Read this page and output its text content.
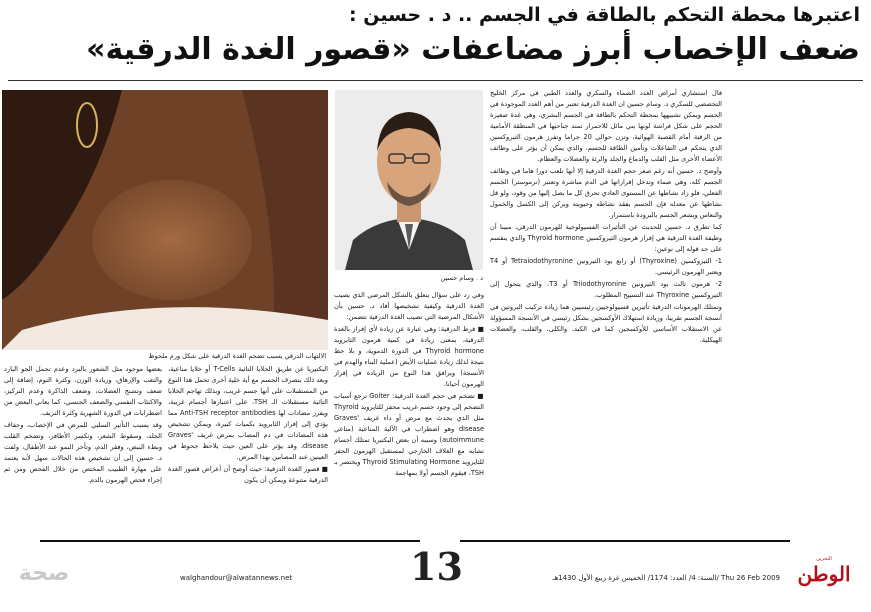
اعتبرها محطة التحكم بالطاقة في الجسم .. د . حسين :
ضعف الإخصاب أبرز مضاعفات «قصور الغدة الدرقية»

قال استشاري أمراض الغدد الصماء والسكري والغدد الطبي في مركز الخليج التخصصي للسكري د. وسام حسين ان الغدة الدرقية تعتبر من أهم الغدد الموجودة في الجسم ويمكن تشبيهها بمحطة التحكم بالطاقة في الجسم البشري، وهي غدة صغيرة الحجم على شكل فراشة لونها بني مائل للاحمرار تمتد جناحيها في المنطقة الأمامية من الرقبة أمام القصبة الهوائية، وتزن حوالي 20 جراما وتفرز هرمون الثيروكسين الذي يتحكم في التفاعلات وتأمين الطاقة للجسم، والذي يمكن أن يؤثر على وظائف الأعضاء الأخرى مثل القلب والدماغ والجلد والرئة والعضلات والعظام.

وأوضح د. حسين أنه رغم صغر حجم الغدة الدرقية إلا أنها تلعب دورا هاما في وظائف الجسم كله، وهي صماء وتدخل إفرازاتها في الدم مباشرة وتعتبر (ترموستر) الجسم الفعلي، فلو زاد نشاطها عن المستوى العادي تحرق كل ما يصل إليها من وقود، ولو قل نشاطها عن معدله فإن الجسم يفقد نشاطه وحيويته ويركن إلى الكسل والخمول والنعاس ويشعر الجسم بالبرودة باستمرار.

كما تطرق د. حسين للحديث عن التأثيرات الفسيولوجية للهرمون الدرقي، مبينا أن وظيفة الغدة الدرقية هي إفراز هرمون الثيروكسين Thyroid hormone والذي ينقسم على حد قوله إلى نوعين:

1- الثيروكسين (Thyroxine) أو رابع يود الثيرونين Tetraiodothyronine أو T4 ويعتبر الهرمون الرئيسي.

2- هرمون ثالث يود الثيرونين Triiodothyronine أو T3، والذي يتحول إلى الثيروكسين Thyroxine عند التسبيح المطلوب.

وتمتلك الهرمونات الدرقية تأثيرين فسيولوجيين رئيسيين هما زيادة تركيب البروتين في أنسجة الجسم تقريبا، وزيادة استهلاك الأوكسجين بشكل رئيسي في الأنسجة المسؤولة عن الاستقلاب الأساسي للأوكسجين كما في الكبد، والكلى، والقلب، والعضلات الهيكلية.

د . وسام حسين

وفي رد على سؤال يتعلق بالشكل المرضي الذي يصيب الغدة الدرقية وكيفية تشخيصها أفاد د. حسين بأن الأشكال المرضية التي تصيب الغدة الدرقية تتضمن:

■ فرط الدرقية: وهي عبارة عن زيادة لأي إفراز بالغدة الدرقية، بمعنى زيادة في كمية هرمون الثايرويد Thyroid hormone في الدورة الدموية، و بلا حظ نتيجة لذلك زيادة عمليات الأيض (عملية البناء والهدم في الأنسجة) ويرافق هذا النوع من الزيادة في إفراز الهرمون أحيانا.

■ تضخم في حجم الغدة الدرقية: Goiter ترجع أسباب التضخم إلى وجود جسم غريب محفز للثايرويد Thyroid مثل الذي يحدث مع مرض أو داء غريف Graves' disease وهو اضطراب في الآلية المناعية (مناعي autoimmune) وسببه أن بعض البكتيريا تمتلك أجسام تشابه مع الغلاف الخارجي لمستقبل الهرمون الحفز للثايرويد Thyroid Stimulating Hormone ويختصر بـ TSH، فيقوم الجسم أولا بمهاجمة

الالتهاب الدرقي يسبب تضخم الغدة الدرقية على شكل ورم ملحوظ

البكتيريا عن طريق الخلايا التائية T-Cells أو خلايا مناعية، وبعد ذلك يتصرف الجسم مع أية خلية أخرى تحمل هذا النوع من المستقبلات على أنها جسم غريب، وبذلك تهاجم الخلايا التائية مستقبلات الـ TSH، على اعتبارها أجسام غريبة، ويفرز مضادات لها Anti-TSH receptor antibodies مما يؤدي إلى إفراز الثايرويد بكميات كبيرة، ويمكن تشخيص هذه المضادات في دم المصاب بمرض غريف Graves' disease، وقد يؤثر على العين حيث يلاحظ جحوظ في العينين عند المصابين بهذا المرض.

■ قصور الغدة الدرقية: حيث أوضح أن أعراض قصور الغدة الدرقية متنوعة ويمكن أن يكون

بعضها موجود مثل الشعور بالبرد وعدم تحمل الجو البارد والتعب والإرهاق، وزيادة الوزن، وكثرة النوم، إضافة إلى ضعف وتشنج العضلات، وضعف الذاكرة وعدم التركيز، والاكتئاب النفسي والضعف الجنسي، كما يعاني البعض من اضطرابات في الدورة الشهرية وكثرة النزيف.

وقد يسبب التأثير السلبي للمرض في الإخصاب، وجفاف الجلد، وسقوط الشعر، وتكسر الأظافر، وتضخم القلب وبطء النبض، وفقر الدم، وتأخر النمو عند الأطفال، ولفت د. حسين إلى أن تشخيص هذه الحالات سهل لأنه يعتمد على مهارة الطبيب المختص من خلال الفحص ومن ثم إجراء فحص الهرمون بالدم.

13	السنة: 4/ العدد: 1174/ الخميس غرة ربيع الأول 1430هـ/ Thu 26 Feb 2009
walghandour@alwatannews.net
صحة
البحرين
الوطن
